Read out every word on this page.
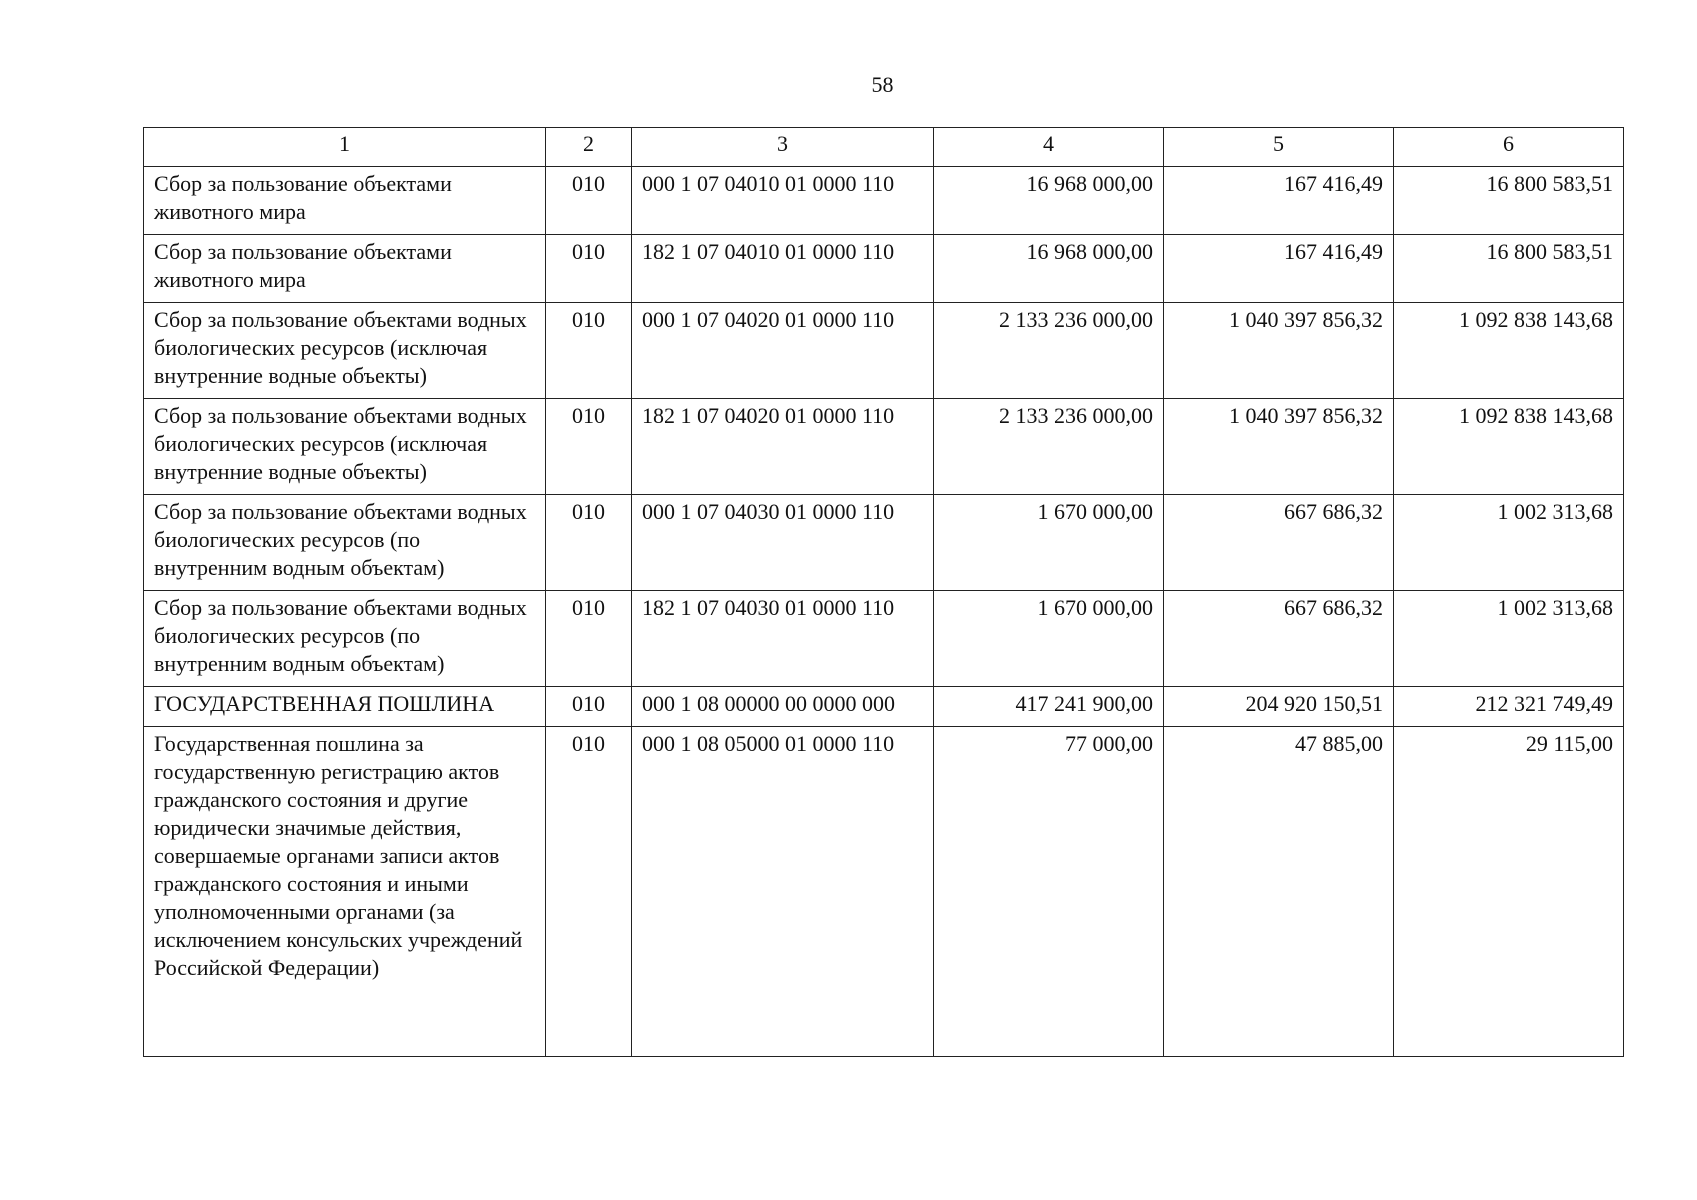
58
1	2	3	4	5	6
Сбор за пользование объектами животного мира	010	000 1 07 04010 01 0000 110	16 968 000,00	167 416,49	16 800 583,51
Сбор за пользование объектами животного мира	010	182 1 07 04010 01 0000 110	16 968 000,00	167 416,49	16 800 583,51
Сбор за пользование объектами водных биологических ресурсов (исключая внутренние водные объекты)	010	000 1 07 04020 01 0000 110	2 133 236 000,00	1 040 397 856,32	1 092 838 143,68
Сбор за пользование объектами водных биологических ресурсов (исключая внутренние водные объекты)	010	182 1 07 04020 01 0000 110	2 133 236 000,00	1 040 397 856,32	1 092 838 143,68
Сбор за пользование объектами водных биологических ресурсов (по внутренним водным объектам)	010	000 1 07 04030 01 0000 110	1 670 000,00	667 686,32	1 002 313,68
Сбор за пользование объектами водных биологических ресурсов (по внутренним водным объектам)	010	182 1 07 04030 01 0000 110	1 670 000,00	667 686,32	1 002 313,68
ГОСУДАРСТВЕННАЯ ПОШЛИНА	010	000 1 08 00000 00 0000 000	417 241 900,00	204 920 150,51	212 321 749,49
Государственная пошлина за государственную регистрацию актов гражданского состояния и другие юридически значимые действия, совершаемые органами записи актов гражданского состояния и иными уполномоченными органами (за исключением консульских учреждений Российской Федерации)	010	000 1 08 05000 01 0000 110	77 000,00	47 885,00	29 115,00
